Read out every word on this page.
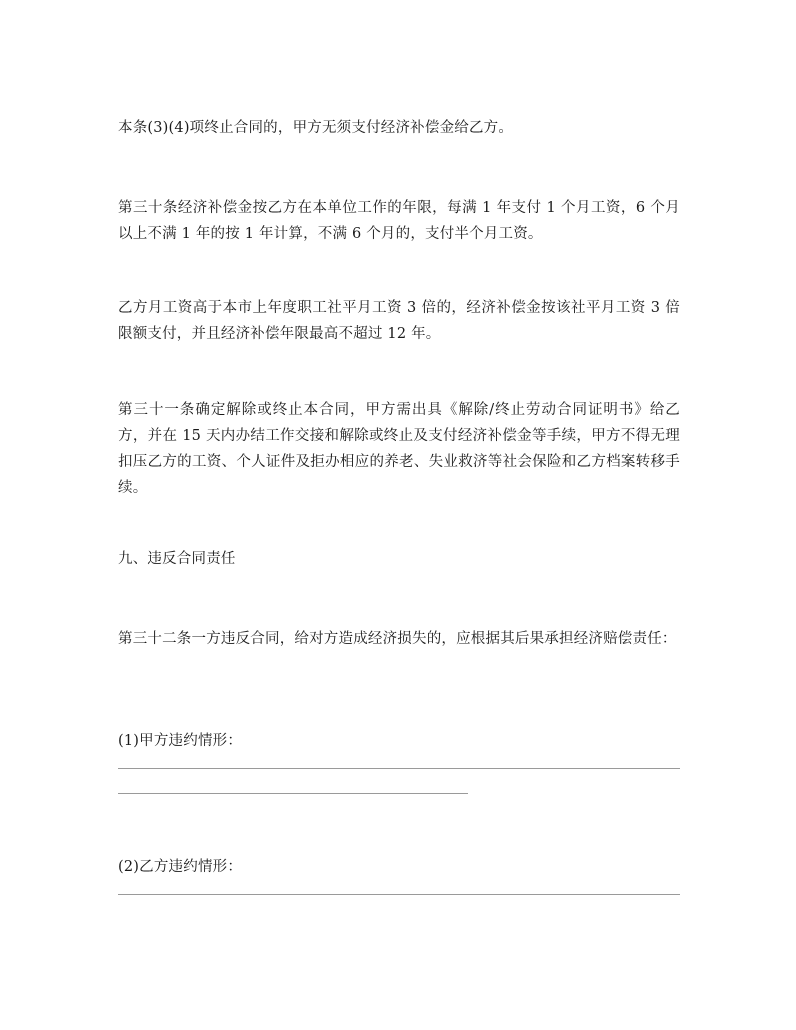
本条(3)(4)项终止合同的，甲方无须支付经济补偿金给乙方。

第三十条经济补偿金按乙方在本单位工作的年限，每满 1 年支付 1 个月工资，6 个月以上不满 1 年的按 1 年计算，不满 6 个月的，支付半个月工资。

乙方月工资高于本市上年度职工社平月工资 3 倍的，经济补偿金按该社平月工资 3 倍限额支付，并且经济补偿年限最高不超过 12 年。

第三十一条确定解除或终止本合同，甲方需出具《解除/终止劳动合同证明书》给乙方，并在 15 天内办结工作交接和解除或终止及支付经济补偿金等手续，甲方不得无理扣压乙方的工资、个人证件及拒办相应的养老、失业救济等社会保险和乙方档案转移手续。

九、违反合同责任

第三十二条一方违反合同，给对方造成经济损失的，应根据其后果承担经济赔偿责任：

(1)甲方违约情形：

(2)乙方违约情形：
